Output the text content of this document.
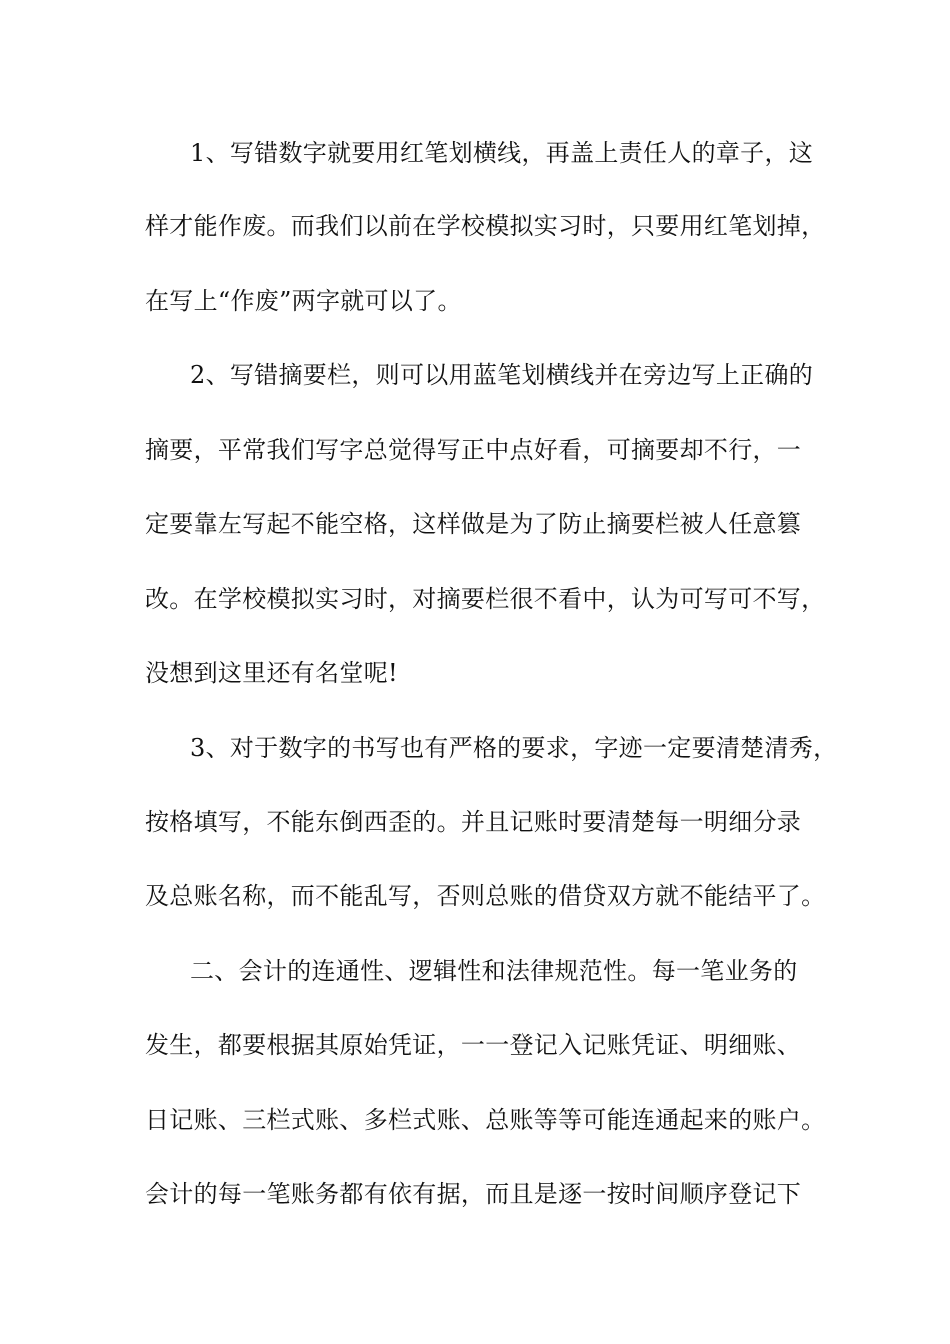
1、写错数字就要用红笔划横线，再盖上责任人的章子，这
样才能作废。而我们以前在学校模拟实习时，只要用红笔划掉，
在写上“作废”两字就可以了。
2、写错摘要栏，则可以用蓝笔划横线并在旁边写上正确的
摘要，平常我们写字总觉得写正中点好看，可摘要却不行，一
定要靠左写起不能空格，这样做是为了防止摘要栏被人任意篡
改。在学校模拟实习时，对摘要栏很不看中，认为可写可不写，
没想到这里还有名堂呢!
3、对于数字的书写也有严格的要求，字迹一定要清楚清秀，
按格填写，不能东倒西歪的。并且记账时要清楚每一明细分录
及总账名称，而不能乱写，否则总账的借贷双方就不能结平了。
二、会计的连通性、逻辑性和法律规范性。每一笔业务的
发生，都要根据其原始凭证，一一登记入记账凭证、明细账、
日记账、三栏式账、多栏式账、总账等等可能连通起来的账户。
会计的每一笔账务都有依有据，而且是逐一按时间顺序登记下
